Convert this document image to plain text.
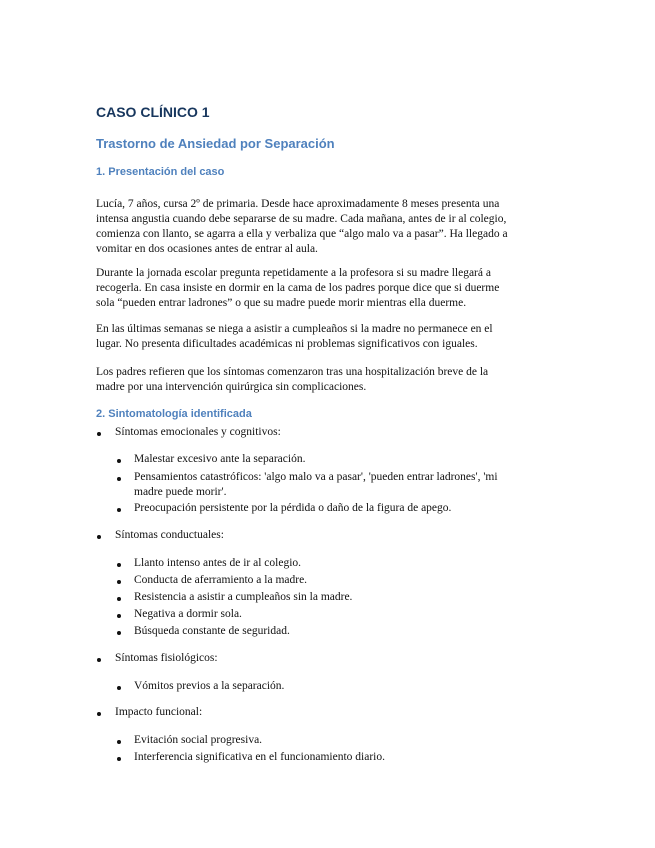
CASO CLÍNICO 1
Trastorno de Ansiedad por Separación
1. Presentación del caso
Lucía, 7 años, cursa 2º de primaria. Desde hace aproximadamente 8 meses presenta una
intensa angustia cuando debe separarse de su madre. Cada mañana, antes de ir al colegio,
comienza con llanto, se agarra a ella y verbaliza que “algo malo va a pasar”. Ha llegado a
vomitar en dos ocasiones antes de entrar al aula.
Durante la jornada escolar pregunta repetidamente a la profesora si su madre llegará a
recogerla. En casa insiste en dormir en la cama de los padres porque dice que si duerme
sola “pueden entrar ladrones” o que su madre puede morir mientras ella duerme.
En las últimas semanas se niega a asistir a cumpleaños si la madre no permanece en el
lugar. No presenta dificultades académicas ni problemas significativos con iguales.
Los padres refieren que los síntomas comenzaron tras una hospitalización breve de la
madre por una intervención quirúrgica sin complicaciones.
2. Sintomatología identificada
Síntomas emocionales y cognitivos:
Malestar excesivo ante la separación.
Pensamientos catastróficos: 'algo malo va a pasar', 'pueden entrar ladrones', 'mi
madre puede morir'.
Preocupación persistente por la pérdida o daño de la figura de apego.
Síntomas conductuales:
Llanto intenso antes de ir al colegio.
Conducta de aferramiento a la madre.
Resistencia a asistir a cumpleaños sin la madre.
Negativa a dormir sola.
Búsqueda constante de seguridad.
Síntomas fisiológicos:
Vómitos previos a la separación.
Impacto funcional:
Evitación social progresiva.
Interferencia significativa en el funcionamiento diario.
